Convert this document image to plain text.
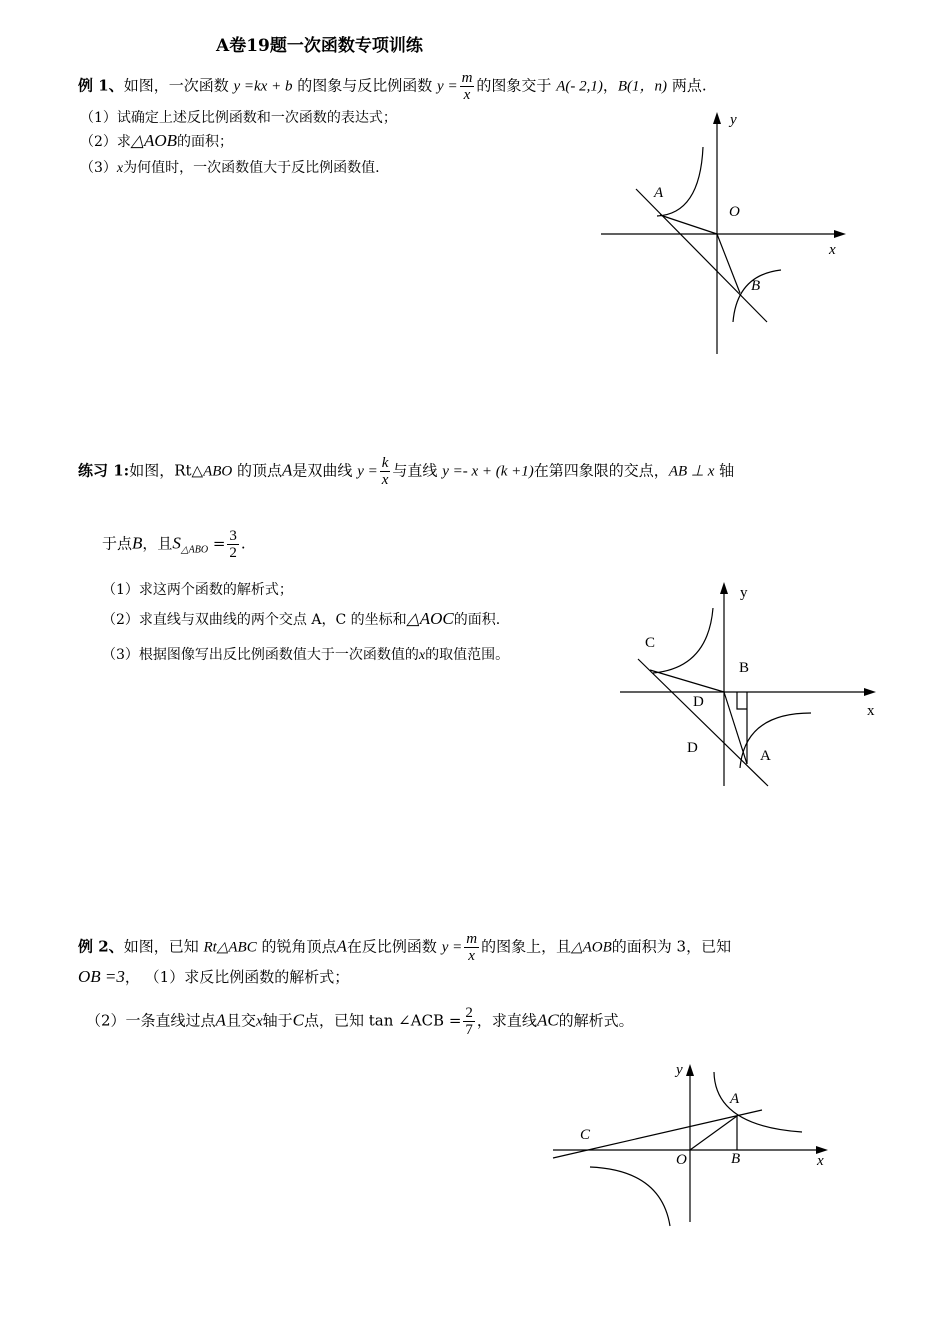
A卷19题一次函数专项训练
例 1、如图，一次函数 y =kx + b 的图象与反比例函数 $y = \frac{m}{x}$ 的图象交于 A(- 2,1)，B(1，n) 两点.
（1）试确定上述反比例函数和一次函数的表达式；
（2）求△AOB的面积；
（3）x为何值时，一次函数值大于反比例函数值.
y
x
A
O
B
练习 1:如图，Rt△ABO 的顶点A是双曲线 $y = \frac{k}{x}$ 与直线 y =- x + (k +1)在第四象限的交点，AB ⊥ x 轴
于点B，且$S_{\triangle ABO} = \frac{3}{2}$ .
（1）求这两个函数的解析式；
（2）求直线与双曲线的两个交点 A，C 的坐标和△AOC的面积.
（3）根据图像写出反比例函数值大于一次函数值的x的取值范围。
y
x
C
B
D
D	A
例 2、如图，已知 Rt△ABC 的锐角顶点A在反比例函数 $y = \frac{m}{x}$ 的图象上，且△AOB的面积为 3，已知
OB =3， （1）求反比例函数的解析式；
（2）一条直线过点A且交x轴于C点，已知 tan ∠ACB = $\frac{2}{7}$ ，求直线AC的解析式。
y
x
A
C
O	B
